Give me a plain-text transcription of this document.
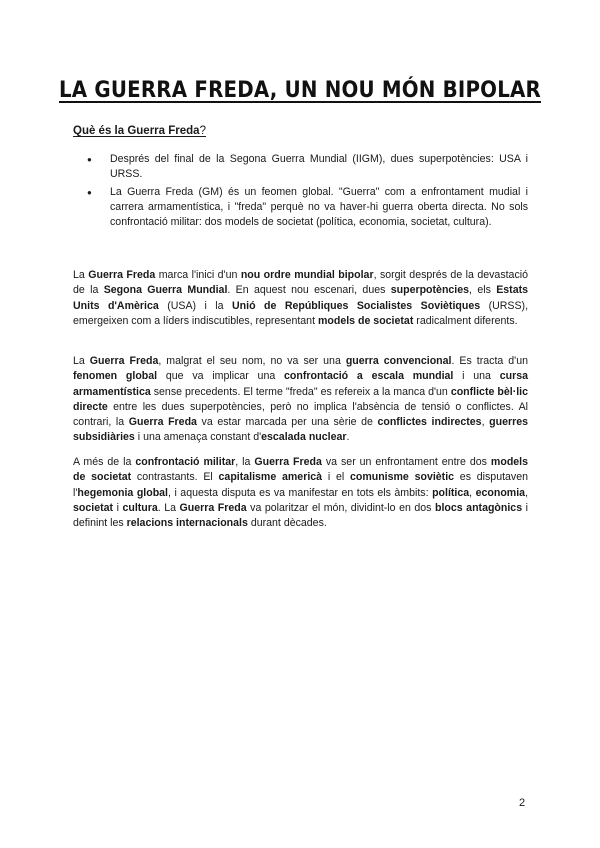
LA GUERRA FREDA, UN NOU MÓN BIPOLAR

Què és la Guerra Freda?

● Després del final de la Segona Guerra Mundial (IIGM), dues superpotències: USA i URSS.
● La Guerra Freda (GM) és un feomen global. "Guerra" com a enfrontament mudial i carrera armamentística, i "freda" perquè no va haver-hi guerra oberta directa. No sols confrontació militar: dos models de societat (política, economia, societat, cultura).

La Guerra Freda marca l'inici d'un nou ordre mundial bipolar, sorgit després de la devastació de la Segona Guerra Mundial. En aquest nou escenari, dues superpotències, els Estats Units d'Amèrica (USA) i la Unió de Repúbliques Socialistes Soviètiques (URSS), emergeixen com a líders indiscutibles, representant models de societat radicalment diferents.

La Guerra Freda, malgrat el seu nom, no va ser una guerra convencional. Es tracta d'un fenomen global que va implicar una confrontació a escala mundial i una cursa armamentística sense precedents. El terme "freda" es refereix a la manca d'un conflicte bèl·lic directe entre les dues superpotències, però no implica l'absència de tensió o conflictes. Al contrari, la Guerra Freda va estar marcada per una sèrie de conflictes indirectes, guerres subsidiàries i una amenaça constant d'escalada nuclear.

A més de la confrontació militar, la Guerra Freda va ser un enfrontament entre dos models de societat contrastants. El capitalisme americà i el comunisme soviètic es disputaven l'hegemonia global, i aquesta disputa es va manifestar en tots els àmbits: política, economia, societat i cultura. La Guerra Freda va polaritzar el món, dividint-lo en dos blocs antagònics i definint les relacions internacionals durant dècades.

2
